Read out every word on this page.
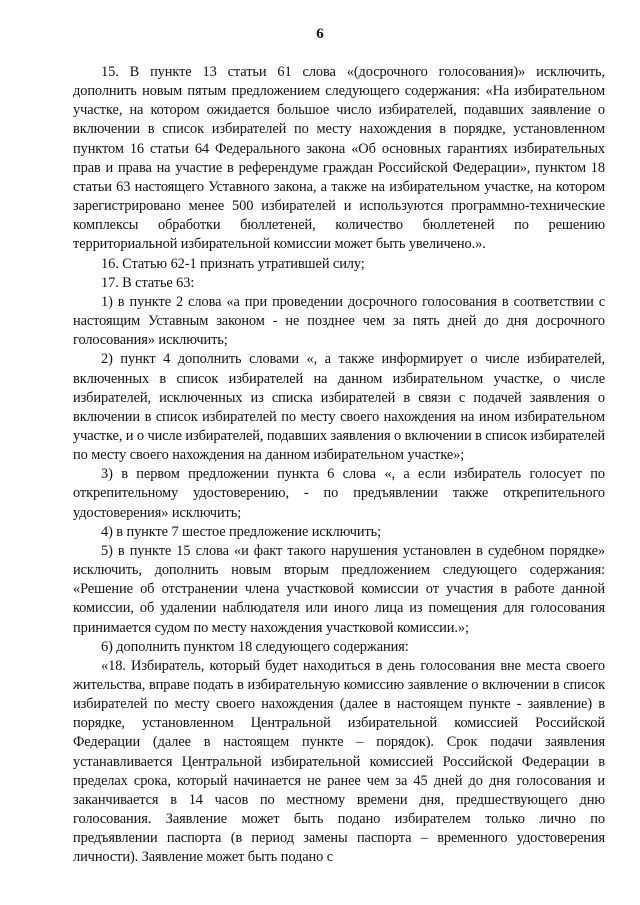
6

15. В пункте 13 статьи 61 слова «(досрочного голосования)» исключить, дополнить новым пятым предложением следующего содержания: «На избирательном участке, на котором ожидается большое число избирателей, подавших заявление о включении в список избирателей по месту нахождения в порядке, установленном пунктом 16 статьи 64 Федерального закона «Об основных гарантиях избирательных прав и права на участие в референдуме граждан Российской Федерации», пунктом 18 статьи 63 настоящего Уставного закона, а также на избирательном участке, на котором зарегистрировано менее 500 избирателей и используются программно-технические комплексы обработки бюллетеней, количество бюллетеней по решению территориальной избирательной комиссии может быть увеличено.».

16. Статью 62-1 признать утратившей силу;

17. В статье 63:

1) в пункте 2 слова «а при проведении досрочного голосования в соответствии с настоящим Уставным законом - не позднее чем за пять дней до дня досрочного голосования» исключить;

2) пункт 4 дополнить словами «, а также информирует о числе избирателей, включенных в список избирателей на данном избирательном участке, о числе избирателей, исключенных из списка избирателей в связи с подачей заявления о включении в список избирателей по месту своего нахождения на ином избирательном участке, и о числе избирателей, подавших заявления о включении в список избирателей по месту своего нахождения на данном избирательном участке»;

3) в первом предложении пункта 6 слова «, а если избиратель голосует по открепительному удостоверению, - по предъявлении также открепительного удостоверения» исключить;

4) в пункте 7 шестое предложение исключить;

5) в пункте 15 слова «и факт такого нарушения установлен в судебном порядке» исключить, дополнить новым вторым предложением следующего содержания: «Решение об отстранении члена участковой комиссии от участия в работе данной комиссии, об удалении наблюдателя или иного лица из помещения для голосования принимается судом по месту нахождения участковой комиссии.»;

6) дополнить пунктом 18 следующего содержания:

«18. Избиратель, который будет находиться в день голосования вне места своего жительства, вправе подать в избирательную комиссию заявление о включении в список избирателей по месту своего нахождения (далее в настоящем пункте - заявление) в порядке, установленном Центральной избирательной комиссией Российской Федерации (далее в настоящем пункте – порядок). Срок подачи заявления устанавливается Центральной избирательной комиссией Российской Федерации в пределах срока, который начинается не ранее чем за 45 дней до дня голосования и заканчивается в 14 часов по местному времени дня, предшествующего дню голосования. Заявление может быть подано избирателем только лично по предъявлении паспорта (в период замены паспорта – временного удостоверения личности). Заявление может быть подано с
